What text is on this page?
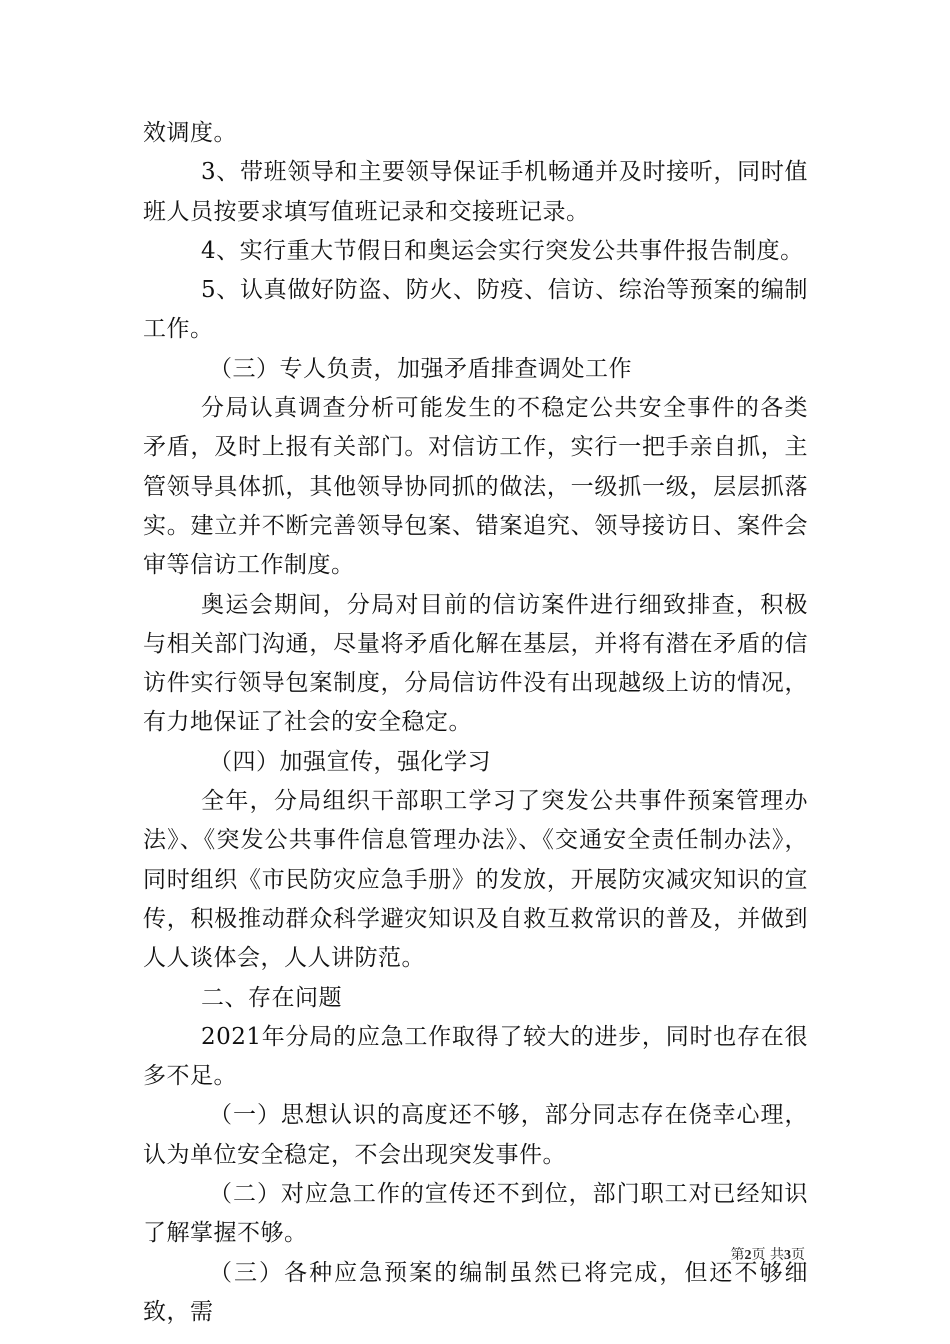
效调度。

3、带班领导和主要领导保证手机畅通并及时接听，同时值班人员按要求填写值班记录和交接班记录。

4、实行重大节假日和奥运会实行突发公共事件报告制度。

5、认真做好防盗、防火、防疫、信访、综治等预案的编制工作。

（三）专人负责，加强矛盾排查调处工作

分局认真调查分析可能发生的不稳定公共安全事件的各类矛盾，及时上报有关部门。对信访工作，实行一把手亲自抓，主管领导具体抓，其他领导协同抓的做法，一级抓一级，层层抓落实。建立并不断完善领导包案、错案追究、领导接访日、案件会审等信访工作制度。

奥运会期间，分局对目前的信访案件进行细致排查，积极与相关部门沟通，尽量将矛盾化解在基层，并将有潜在矛盾的信访件实行领导包案制度，分局信访件没有出现越级上访的情况，有力地保证了社会的安全稳定。

（四）加强宣传，强化学习

全年，分局组织干部职工学习了突发公共事件预案管理办法》、《突发公共事件信息管理办法》、《交通安全责任制办法》，同时组织《市民防灾应急手册》的发放，开展防灾减灾知识的宣传，积极推动群众科学避灾知识及自救互救常识的普及，并做到人人谈体会，人人讲防范。

二、存在问题

2021年分局的应急工作取得了较大的进步，同时也存在很多不足。

（一）思想认识的高度还不够，部分同志存在侥幸心理，认为单位安全稳定，不会出现突发事件。

（二）对应急工作的宣传还不到位，部门职工对已经知识了解掌握不够。

（三）各种应急预案的编制虽然已将完成，但还不够细致，需

第2页 共3页
